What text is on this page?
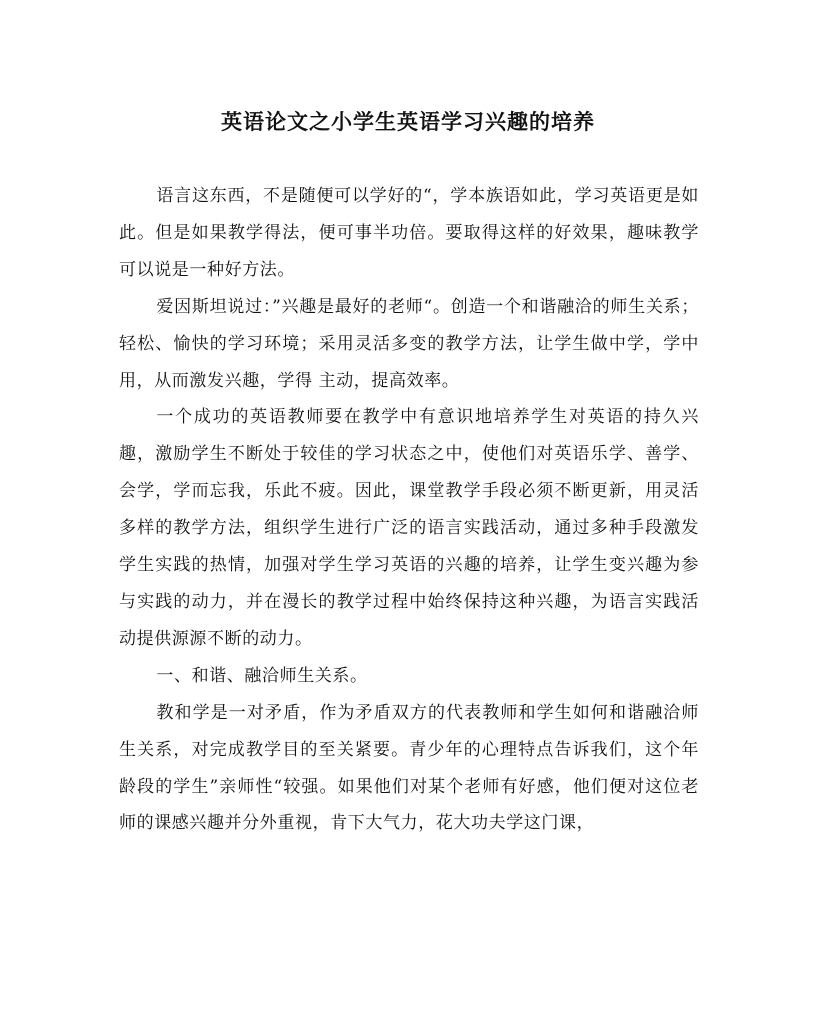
英语论文之小学生英语学习兴趣的培养

语言这东西，不是随便可以学好的“，学本族语如此，学习英语更是如此。但是如果教学得法，便可事半功倍。要取得这样的好效果，趣味教学可以说是一种好方法。

爱因斯坦说过：”兴趣是最好的老师“。创造一个和谐融洽的师生关系；轻松、愉快的学习环境；采用灵活多变的教学方法，让学生做中学，学中用，从而激发兴趣，学得 主动，提高效率。

一个成功的英语教师要在教学中有意识地培养学生对英语的持久兴趣，激励学生不断处于较佳的学习状态之中，使他们对英语乐学、善学、会学，学而忘我，乐此不疲。因此，课堂教学手段必须不断更新，用灵活多样的教学方法，组织学生进行广泛的语言实践活动，通过多种手段激发学生实践的热情，加强对学生学习英语的兴趣的培养，让学生变兴趣为参与实践的动力，并在漫长的教学过程中始终保持这种兴趣，为语言实践活动提供源源不断的动力。

一、和谐、融洽师生关系。

教和学是一对矛盾，作为矛盾双方的代表教师和学生如何和谐融洽师生关系，对完成教学目的至关紧要。青少年的心理特点告诉我们，这个年龄段的学生”亲师性“较强。如果他们对某个老师有好感，他们便对这位老师的课感兴趣并分外重视，肯下大气力，花大功夫学这门课，
